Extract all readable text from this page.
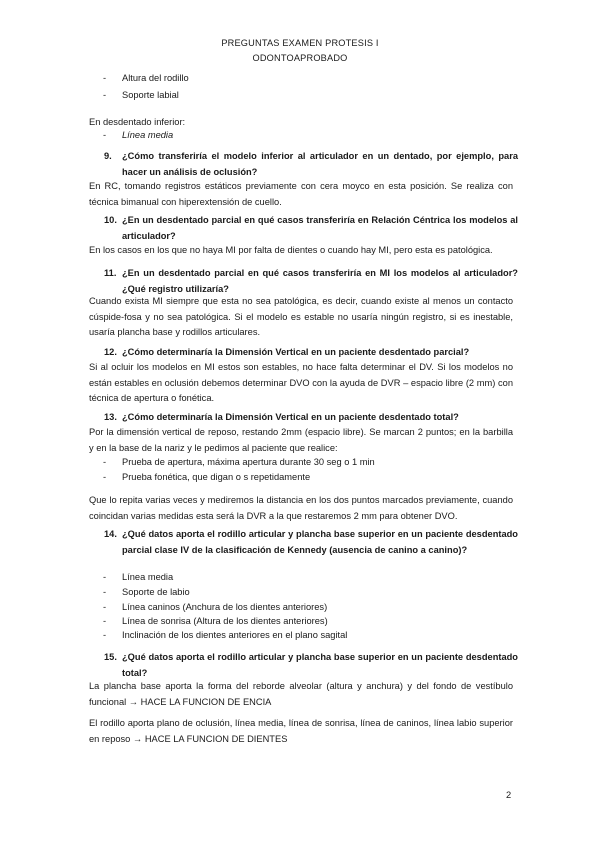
PREGUNTAS EXAMEN PROTESIS I
ODONTOAPROBADO
-	Altura del rodillo
-	Soporte labial
En desdentado inferior:
-	Línea media
9. ¿Cómo transferiría el modelo inferior al articulador en un dentado, por ejemplo, para hacer un análisis de oclusión?
En RC, tomando registros estáticos previamente con cera moyco en esta posición. Se realiza con técnica bimanual con hiperextensión de cuello.
10. ¿En un desdentado parcial en qué casos transferiría en Relación Céntrica los modelos al articulador?
En los casos en los que no haya MI por falta de dientes o cuando hay MI, pero esta es patológica.
11. ¿En un desdentado parcial en qué casos transferiría en MI los modelos al articulador? ¿Qué registro utilizaría?
Cuando exista MI siempre que esta no sea patológica, es decir, cuando existe al menos un contacto cúspide-fosa y no sea patológica. Si el modelo es estable no usaría ningún registro, si es inestable, usaría plancha base y rodillos articulares.
12. ¿Cómo determinaría la Dimensión Vertical en un paciente desdentado parcial?
Si al ocluir los modelos en MI estos son estables, no hace falta determinar el DV. Si los modelos no están estables en oclusión debemos determinar DVO con la ayuda de DVR – espacio libre (2 mm) con técnica de apertura o fonética.
13. ¿Cómo determinaría la Dimensión Vertical en un paciente desdentado total?
Por la dimensión vertical de reposo, restando 2mm (espacio libre). Se marcan 2 puntos; en la barbilla y en la base de la nariz y le pedimos al paciente que realice:
-	Prueba de apertura, máxima apertura durante 30 seg o 1 min
-	Prueba fonética, que digan o s repetidamente
Que lo repita varias veces y mediremos la distancia en los dos puntos marcados previamente, cuando coincidan varias medidas esta será la DVR a la que restaremos 2 mm para obtener DVO.
14. ¿Qué datos aporta el rodillo articular y plancha base superior en un paciente desdentado parcial clase IV de la clasificación de Kennedy (ausencia de canino a canino)?
-	Línea media
-	Soporte de labio
-	Línea caninos (Anchura de los dientes anteriores)
-	Línea de sonrisa (Altura de los dientes anteriores)
-	Inclinación de los dientes anteriores en el plano sagital
15. ¿Qué datos aporta el rodillo articular y plancha base superior en un paciente desdentado total?
La plancha base aporta la forma del reborde alveolar (altura y anchura) y del fondo de vestíbulo funcional → HACE LA FUNCION DE ENCIA
El rodillo aporta plano de oclusión, línea media, línea de sonrisa, línea de caninos, línea labio superior en reposo → HACE LA FUNCION DE DIENTES
2
